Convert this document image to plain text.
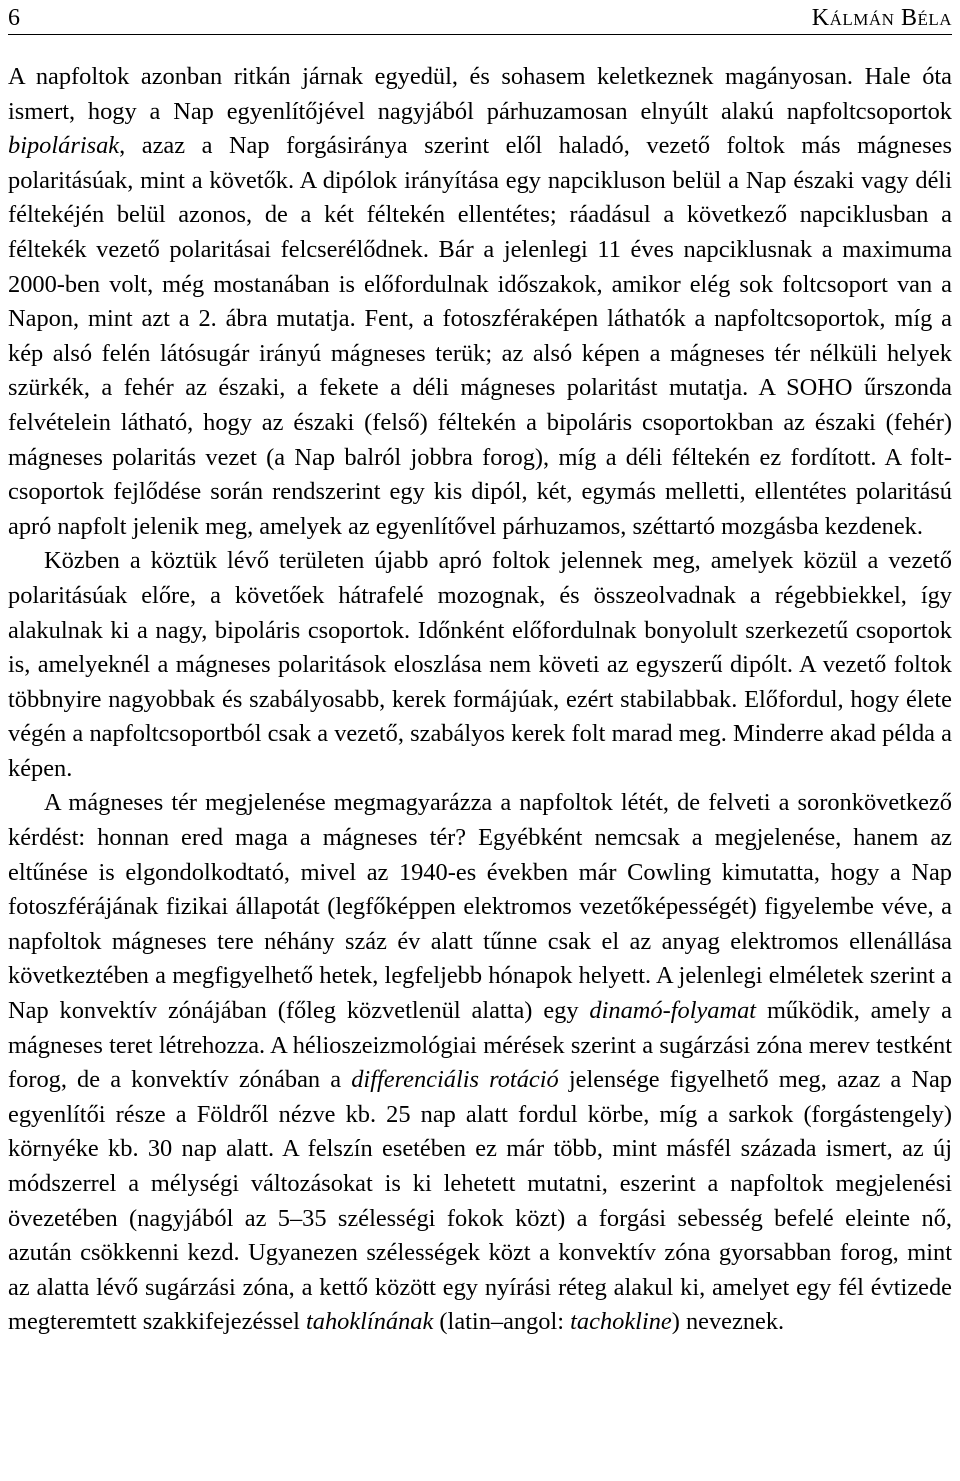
6	Kálmán Béla

A napfoltok azonban ritkán járnak egyedül, és sohasem keletkeznek magányosan. Hale óta ismert, hogy a Nap egyenlítőjével nagyjából párhuzamosan elnyúlt alakú napfoltcsoportok bipolárisak, azaz a Nap forgásiránya szerint elől haladó, vezető foltok más mágneses polaritásúak, mint a követők. A dipólok irányítása egy napcikluson belül a Nap északi vagy déli féltekéjén belül azonos, de a két féltekén ellentétes; ráadásul a következő napciklusban a féltekék vezető polaritásai felcserélődnek. Bár a jelenlegi 11 éves napciklusnak a maximuma 2000-ben volt, még mostanában is előfordulnak időszakok, amikor elég sok foltcsoport van a Napon, mint azt a 2. ábra mutatja. Fent, a fotoszféraképen láthatók a napfoltcsoportok, míg a kép alsó felén látósugár irányú mágneses terük; az alsó képen a mágneses tér nélküli helyek szürkék, a fehér az északi, a fekete a déli mágneses polaritást mutatja. A SOHO űrszonda felvételein látható, hogy az északi (felső) féltekén a bipoláris csoportokban az északi (fehér) mágneses polaritás vezet (a Nap balról jobbra forog), míg a déli féltekén ez fordított. A folt-csoportok fejlődése során rendszerint egy kis dipól, két, egymás melletti, ellentétes polaritású apró napfolt jelenik meg, amelyek az egyenlítővel párhuzamos, széttartó mozgásba kezdenek.

Közben a köztük lévő területen újabb apró foltok jelennek meg, amelyek közül a vezető polaritásúak előre, a követőek hátrafelé mozognak, és összeolvadnak a régebbiekkel, így alakulnak ki a nagy, bipoláris csoportok. Időnként előfordulnak bonyolult szerkezetű csoportok is, amelyeknél a mágneses polaritások eloszlása nem követi az egyszerű dipólt. A vezető foltok többnyire nagyobbak és szabályosabb, kerek formájúak, ezért stabilabbak. Előfordul, hogy élete végén a napfoltcsoportból csak a vezető, szabályos kerek folt marad meg. Minderre akad példa a képen.

A mágneses tér megjelenése megmagyarázza a napfoltok létét, de felveti a soronkövetkező kérdést: honnan ered maga a mágneses tér? Egyébként nemcsak a megjelenése, hanem az eltűnése is elgondolkodtató, mivel az 1940-es években már Cowling kimutatta, hogy a Nap fotoszférájának fizikai állapotát (legfőképpen elektromos vezetőképességét) figyelembe véve, a napfoltok mágneses tere néhány száz év alatt tűnne csak el az anyag elektromos ellenállása következtében a megfigyelhető hetek, legfeljebb hónapok helyett. A jelenlegi elméletek szerint a Nap konvektív zónájában (főleg közvetlenül alatta) egy dinamó-folyamat működik, amely a mágneses teret létrehozza. A hélioszeizmológiai mérések szerint a sugárzási zóna merev testként forog, de a konvektív zónában a differenciális rotáció jelensége figyelhető meg, azaz a Nap egyenlítői része a Földről nézve kb. 25 nap alatt fordul körbe, míg a sarkok (forgástengely) környéke kb. 30 nap alatt. A felszín esetében ez már több, mint másfél százada ismert, az új módszerrel a mélységi változásokat is ki lehetett mutatni, eszerint a napfoltok megjelenési övezetében (nagyjából az 5–35 szélességi fokok közt) a forgási sebesség befelé eleinte nő, azután csökkenni kezd. Ugyanezen szélességek közt a konvektív zóna gyorsabban forog, mint az alatta lévő sugárzási zóna, a kettő között egy nyírási réteg alakul ki, amelyet egy fél évtizede megteremtett szakkifejezéssel tahoklínának (latin–angol: tachokline) neveznek.
